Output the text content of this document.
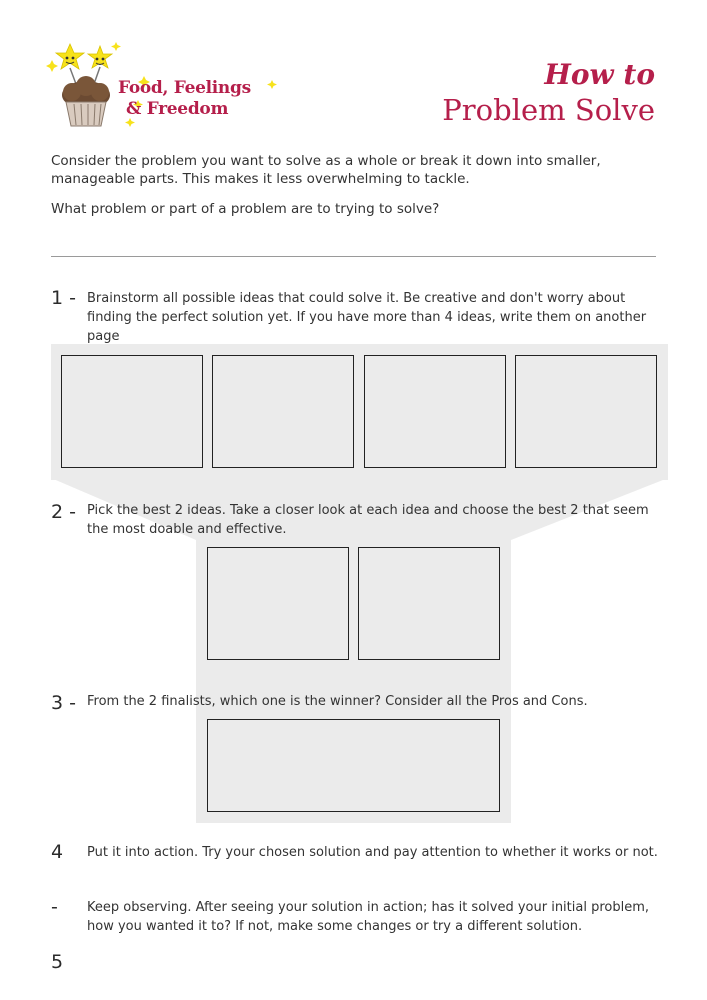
Food, Feelings
& Freedom
How to
Problem Solve
Consider the problem you want to solve as a whole or break it down into smaller, manageable parts. This makes it less overwhelming to tackle.
What problem or part of a problem are to trying to solve?
1 - Brainstorm all possible ideas that could solve it. Be creative and don't worry about finding the perfect solution yet. If you have more than 4 ideas, write them on another page
2 - Pick the best 2 ideas. Take a closer look at each idea and choose the best 2 that seem the most doable and effective.
3 - From the 2 finalists, which one is the winner? Consider all the Pros and Cons.
4 Put it into action. Try your chosen solution and pay attention to whether it works or not.
- Keep observing. After seeing your solution in action; has it solved your initial problem, how you wanted it to? If not, make some changes or try a different solution.
5
